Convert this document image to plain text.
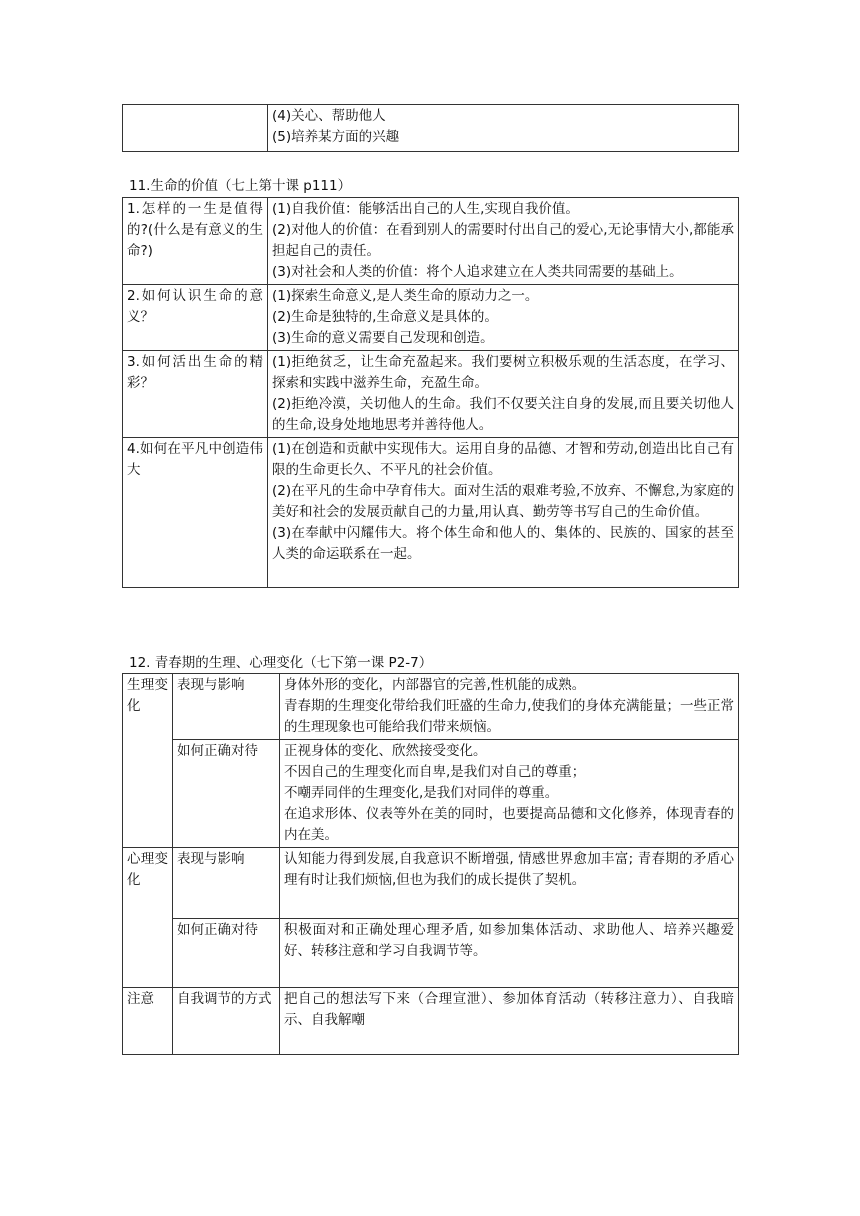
(4)关心、帮助他人

(5)培养某方面的兴趣

11.生命的价值（七上第十课 p111）
1.怎样的一生是值得的?(什么是有意义的生命?)	(1)自我价值：能够活出自己的人生,实现自我价值。

(2)对他人的价值：在看到别人的需要时付出自己的爱心,无论事情大小,都能承担起自己的责任。

(3)对社会和人类的价值：将个人追求建立在人类共同需要的基础上。

2.如何认识生命的意义？	(1)探索生命意义,是人类生命的原动力之一。

(2)生命是独特的,生命意义是具体的。

(3)生命的意义需要自己发现和创造。

3.如何活出生命的精彩？	(1)拒绝贫乏，让生命充盈起来。我们要树立积极乐观的生活态度，在学习、探索和实践中滋养生命，充盈生命。

(2)拒绝冷漠，关切他人的生命。我们不仅要关注自身的发展,而且要关切他人的生命,设身处地地思考并善待他人。

4.如何在平凡中创造伟大	(1)在创造和贡献中实现伟大。运用自身的品德、才智和劳动,创造出比自己有限的生命更长久、不平凡的社会价值。

(2)在平凡的生命中孕育伟大。面对生活的艰难考验,不放弃、不懈怠,为家庭的美好和社会的发展贡献自己的力量,用认真、勤劳等书写自己的生命价值。

(3)在奉献中闪耀伟大。将个体生命和他人的、集体的、民族的、国家的甚至人类的命运联系在一起。

12. 青春期的生理、心理变化（七下第一课 P2-7）
生理变化	表现与影响	身体外形的变化，内部器官的完善,性机能的成熟。

青春期的生理变化带给我们旺盛的生命力,使我们的身体充满能量；一些正常的生理现象也可能给我们带来烦恼。

	如何正确对待	正视身体的变化、欣然接受变化。

不因自己的生理变化而自卑,是我们对自己的尊重；

不嘲弄同伴的生理变化,是我们对同伴的尊重。

在追求形体、仪表等外在美的同时，也要提高品德和文化修养，体现青春的内在美。

心理变化	表现与影响	认知能力得到发展,自我意识不断增强, 情感世界愈加丰富; 青春期的矛盾心理有时让我们烦恼,但也为我们的成长提供了契机。

	如何正确对待	积极面对和正确处理心理矛盾, 如参加集体活动、求助他人、培养兴趣爱好、转移注意和学习自我调节等。

注意	自我调节的方式	把自己的想法写下来（合理宣泄）、参加体育活动（转移注意力）、自我暗示、自我解嘲
